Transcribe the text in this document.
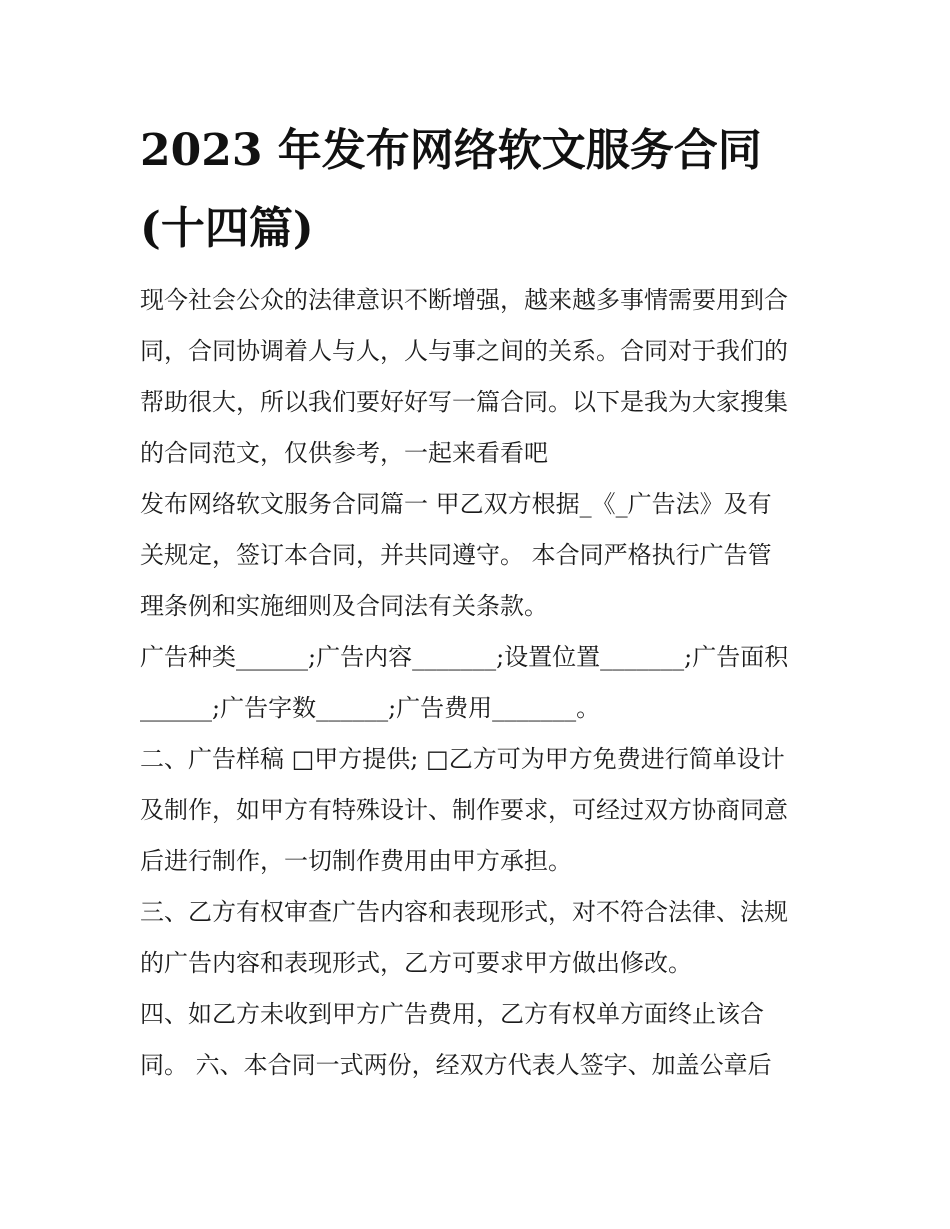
2023 年发布网络软文服务合同
(十四篇)
现今社会公众的法律意识不断增强，越来越多事情需要用到合
同，合同协调着人与人，人与事之间的关系。合同对于我们的
帮助很大，所以我们要好好写一篇合同。以下是我为大家搜集
的合同范文，仅供参考，一起来看看吧
发布网络软文服务合同篇一 甲乙双方根据_《_广告法》及有
关规定，签订本合同，并共同遵守。 本合同严格执行广告管
理条例和实施细则及合同法有关条款。
广告种类______;广告内容_______;设置位置_______;广告面积
______;广告字数______;广告费用_______。
二、广告样稿 □甲方提供; □乙方可为甲方免费进行简单设计
及制作，如甲方有特殊设计、制作要求，可经过双方协商同意
后进行制作，一切制作费用由甲方承担。
三、乙方有权审查广告内容和表现形式，对不符合法律、法规
的广告内容和表现形式，乙方可要求甲方做出修改。
四、如乙方未收到甲方广告费用，乙方有权单方面终止该合
同。 六、本合同一式两份，经双方代表人签字、加盖公章后
